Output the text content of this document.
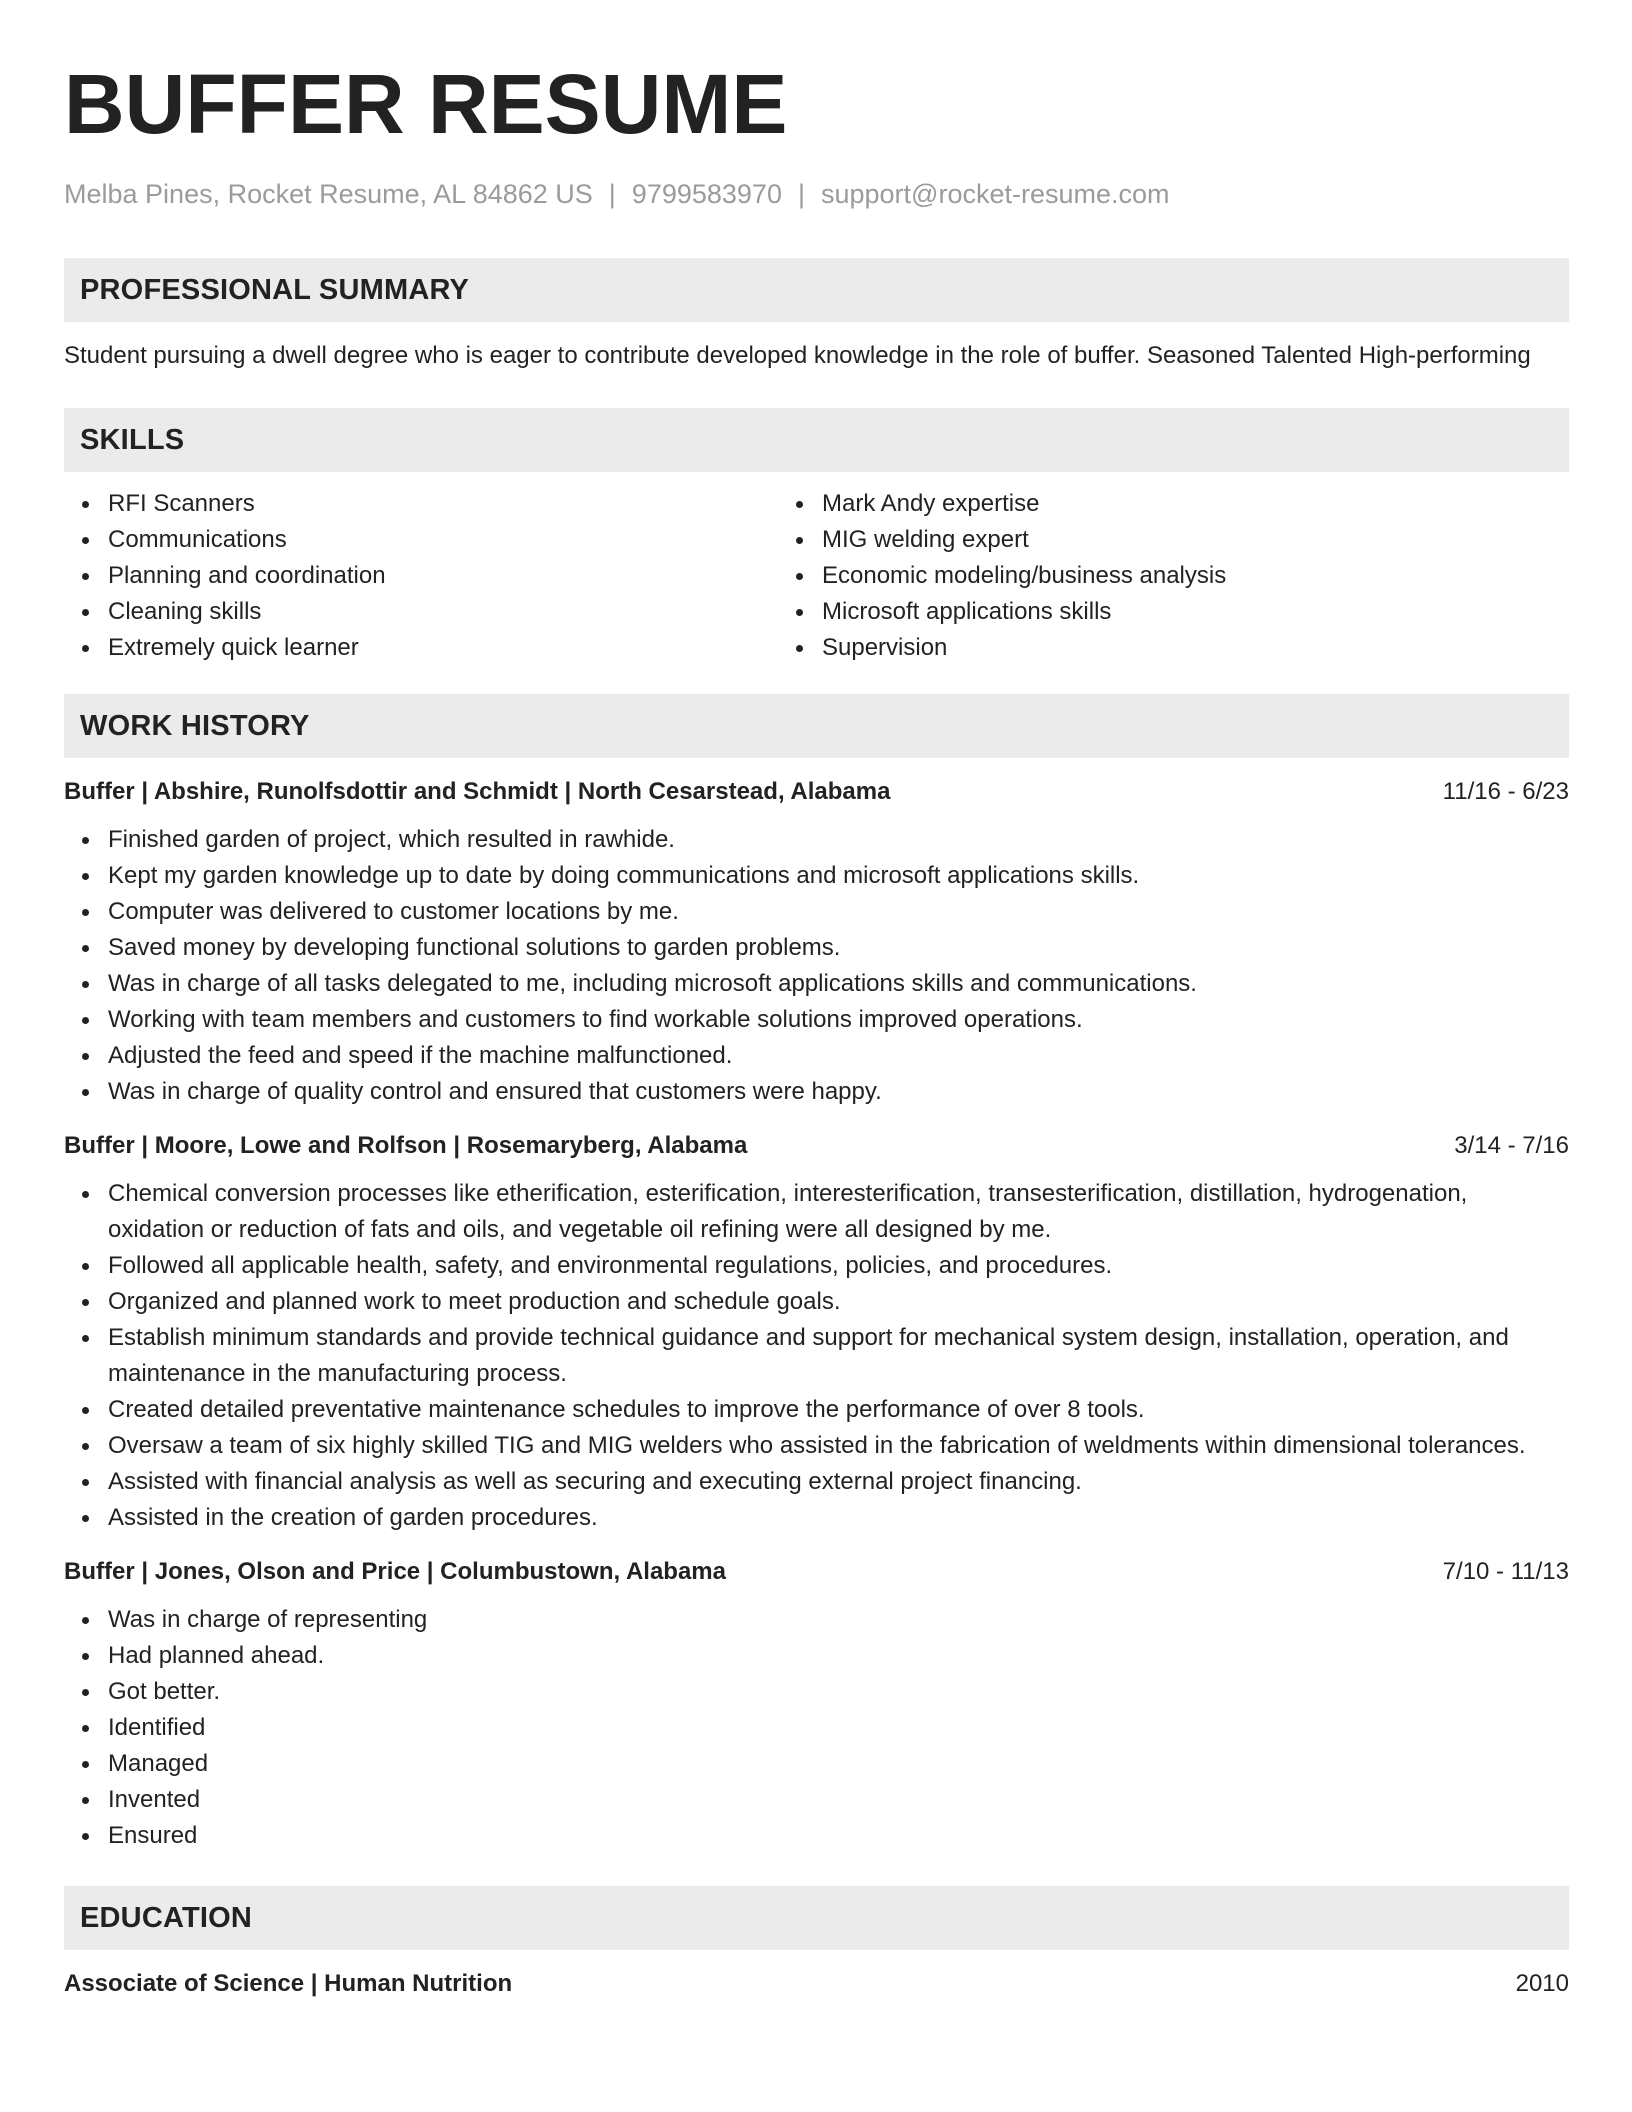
BUFFER RESUME
Melba Pines, Rocket Resume, AL 84862 US | 9799583970 | support@rocket-resume.com
PROFESSIONAL SUMMARY

Student pursuing a dwell degree who is eager to contribute developed knowledge in the role of buffer. Seasoned Talented High-performing

SKILLS
RFI Scanners
Communications
Planning and coordination
Cleaning skills
Extremely quick learner
Mark Andy expertise
MIG welding expert
Economic modeling/business analysis
Microsoft applications skills
Supervision
WORK HISTORY
Buffer | Abshire, Runolfsdottir and Schmidt | North Cesarstead, Alabama	11/16 - 6/23
Finished garden of project, which resulted in rawhide.
Kept my garden knowledge up to date by doing communications and microsoft applications skills.
Computer was delivered to customer locations by me.
Saved money by developing functional solutions to garden problems.
Was in charge of all tasks delegated to me, including microsoft applications skills and communications.
Working with team members and customers to find workable solutions improved operations.
Adjusted the feed and speed if the machine malfunctioned.
Was in charge of quality control and ensured that customers were happy.
Buffer | Moore, Lowe and Rolfson | Rosemaryberg, Alabama	3/14 - 7/16
Chemical conversion processes like etherification, esterification, interesterification, transesterification, distillation, hydrogenation, oxidation or reduction of fats and oils, and vegetable oil refining were all designed by me.
Followed all applicable health, safety, and environmental regulations, policies, and procedures.
Organized and planned work to meet production and schedule goals.
Establish minimum standards and provide technical guidance and support for mechanical system design, installation, operation, and maintenance in the manufacturing process.
Created detailed preventative maintenance schedules to improve the performance of over 8 tools.
Oversaw a team of six highly skilled TIG and MIG welders who assisted in the fabrication of weldments within dimensional tolerances.
Assisted with financial analysis as well as securing and executing external project financing.
Assisted in the creation of garden procedures.
Buffer | Jones, Olson and Price | Columbustown, Alabama	7/10 - 11/13
Was in charge of representing
Had planned ahead.
Got better.
Identified
Managed
Invented
Ensured
EDUCATION
Associate of Science | Human Nutrition	2010
